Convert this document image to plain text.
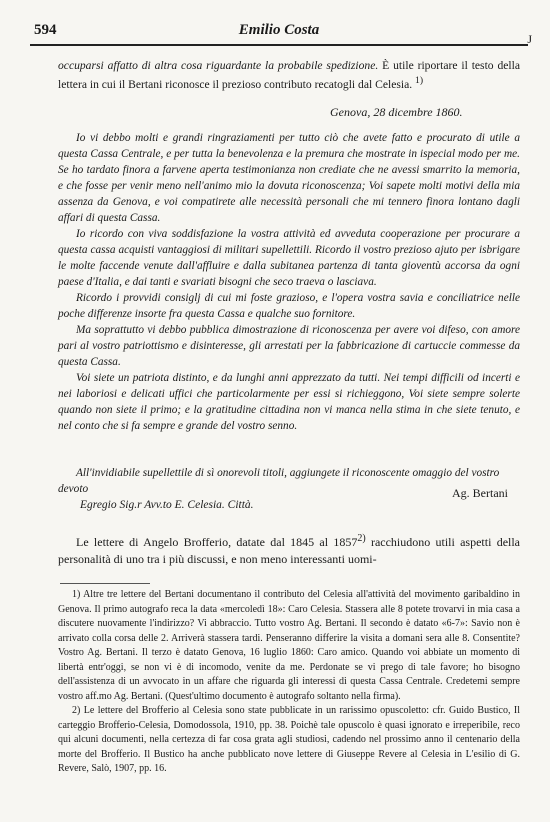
594	Emilio Costa
J
occuparsi affatto di altra cosa riguardante la probabile spedizione. È utile riportare il testo della lettera in cui il Bertani riconosce il prezioso contributo recatogli dal Celesia. $^{1)}$
Genova, 28 dicembre 1860.

Io vi debbo molti e grandi ringraziamenti per tutto ciò che avete fatto e procurato di utile a questa Cassa Centrale, e per tutta la benevolenza e la premura che mostrate in ispecial modo per me. Se ho tardato finora a farvene aperta testimonianza non crediate che ne avessi smarrito la memoria, e che fosse per venir meno nell'animo mio la dovuta riconoscenza; Voi sapete molti motivi della mia assenza da Genova, e voi compatirete alle necessità personali che mi tennero finora lontano dagli affari di questa Cassa.

Io ricordo con viva soddisfazione la vostra attività ed avveduta cooperazione per procurare a questa cassa acquisti vantaggiosi di militari supellettili. Ricordo il vostro prezioso ajuto per isbrigare le molte faccende venute dall'affluire e dalla subitanea partenza di tanta gioventù accorsa da ogni paese d'Italia, e dai tanti e svariati bisogni che seco traeva o lasciava.

Ricordo i provvidi consiglj di cui mi foste grazioso, e l'opera vostra savia e conciliatrice nelle poche differenze insorte fra questa Cassa e qualche suo fornitore.

Ma soprattutto vi debbo pubblica dimostrazione di riconoscenza per avere voi difeso, con amore pari al vostro patriottismo e disinteresse, gli arrestati per la fabbricazione di cartuccie commesse da questa Cassa.

Voi siete un patriota distinto, e da lunghi anni apprezzato da tutti. Nei tempi difficili od incerti e nei laboriosi e delicati uffici che particolarmente per essi si richieggono, Voi siete sempre solerte quando non siete il primo; e la gratitudine cittadina non vi manca nella stima in che siete tenuto, e nel conto che si fa sempre e grande del vostro senno.

All'invidiabile supellettile di sì onorevoli titoli, aggiungete il riconoscente omaggio del vostro devoto	Ag. Bertani
Egregio Sig.r Avv.to E. Celesia. Città.
Le lettere di Angelo Brofferio, datate dal 1845 al 1857$^{2)}$ racchiudono utili aspetti della personalità di uno tra i più discussi, e non meno interessanti uomi-

1) Altre tre lettere del Bertani documentano il contributo del Celesia all'attività del movimento garibaldino in Genova. Il primo autografo reca la data «mercoledì 18»: Caro Celesia. Stassera alle 8 potete trovarvi in mia casa a discutere nuovamente l'indirizzo? Vi abbraccio. Tutto vostro Ag. Bertani. Il secondo è datato «6-7»: Savio non è arrivato colla corsa delle 2. Arriverà stassera tardi. Penseranno differire la visita a domani sera alle 8. Consentite? Vostro Ag. Bertani. Il terzo è datato Genova, 16 luglio 1860: Caro amico. Quando voi abbiate un momento di libertà entr'oggi, se non vi è di incomodo, venite da me. Perdonate se vi prego di tale favore; ho bisogno dell'assistenza di un avvocato in un affare che riguarda gli interessi di questa Cassa Centrale. Credetemi sempre vostro aff.mo Ag. Bertani. (Quest'ultimo documento è autografo soltanto nella firma).

2) Le lettere del Brofferio al Celesia sono state pubblicate in un rarissimo opuscoletto: cfr. Guido Bustico, Il carteggio Brofferio-Celesia, Domodossola, 1910, pp. 38. Poichè tale opuscolo è quasi ignorato e irreperibile, reco qui alcuni documenti, nella certezza di far cosa grata agli studiosi, cadendo nel prossimo anno il centenario della morte del Brofferio. Il Bustico ha anche pubblicato nove lettere di Giuseppe Revere al Celesia in L'esilio di G. Revere, Salò, 1907, pp. 16.
